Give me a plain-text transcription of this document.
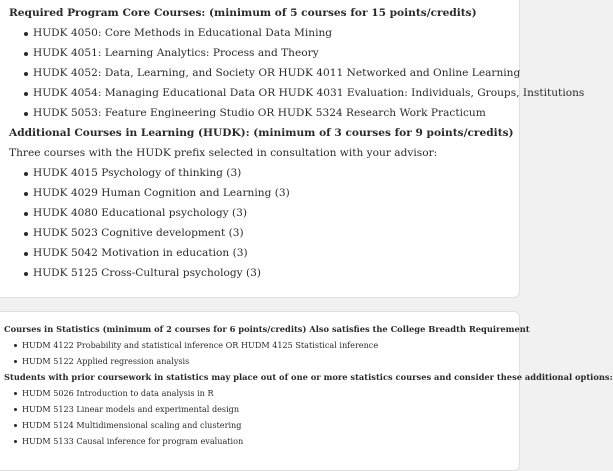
Required Program Core Courses: (minimum of 5 courses for 15 points/credits)

HUDK 4050: Core Methods in Educational Data Mining
HUDK 4051: Learning Analytics: Process and Theory
HUDK 4052: Data, Learning, and Society OR HUDK 4011 Networked and Online Learning
HUDK 4054: Managing Educational Data OR HUDK 4031 Evaluation: Individuals, Groups, Institutions
HUDK 5053: Feature Engineering Studio OR HUDK 5324 Research Work Practicum

Additional Courses in Learning (HUDK): (minimum of 3 courses for 9 points/credits)

Three courses with the HUDK prefix selected in consultation with your advisor:

HUDK 4015 Psychology of thinking (3)
HUDK 4029 Human Cognition and Learning (3)
HUDK 4080 Educational psychology (3)
HUDK 5023 Cognitive development (3)
HUDK 5042 Motivation in education (3)
HUDK 5125 Cross-Cultural psychology (3)

Courses in Statistics (minimum of 2 courses for 6 points/credits) Also satisfies the College Breadth Requirement

HUDM 4122 Probability and statistical inference OR HUDM 4125 Statistical inference
HUDM 5122 Applied regression analysis

Students with prior coursework in statistics may place out of one or more statistics courses and consider these additional options:

HUDM 5026 Introduction to data analysis in R
HUDM 5123 Linear models and experimental design
HUDM 5124 Multidimensional scaling and clustering
HUDM 5133 Causal inference for program evaluation
